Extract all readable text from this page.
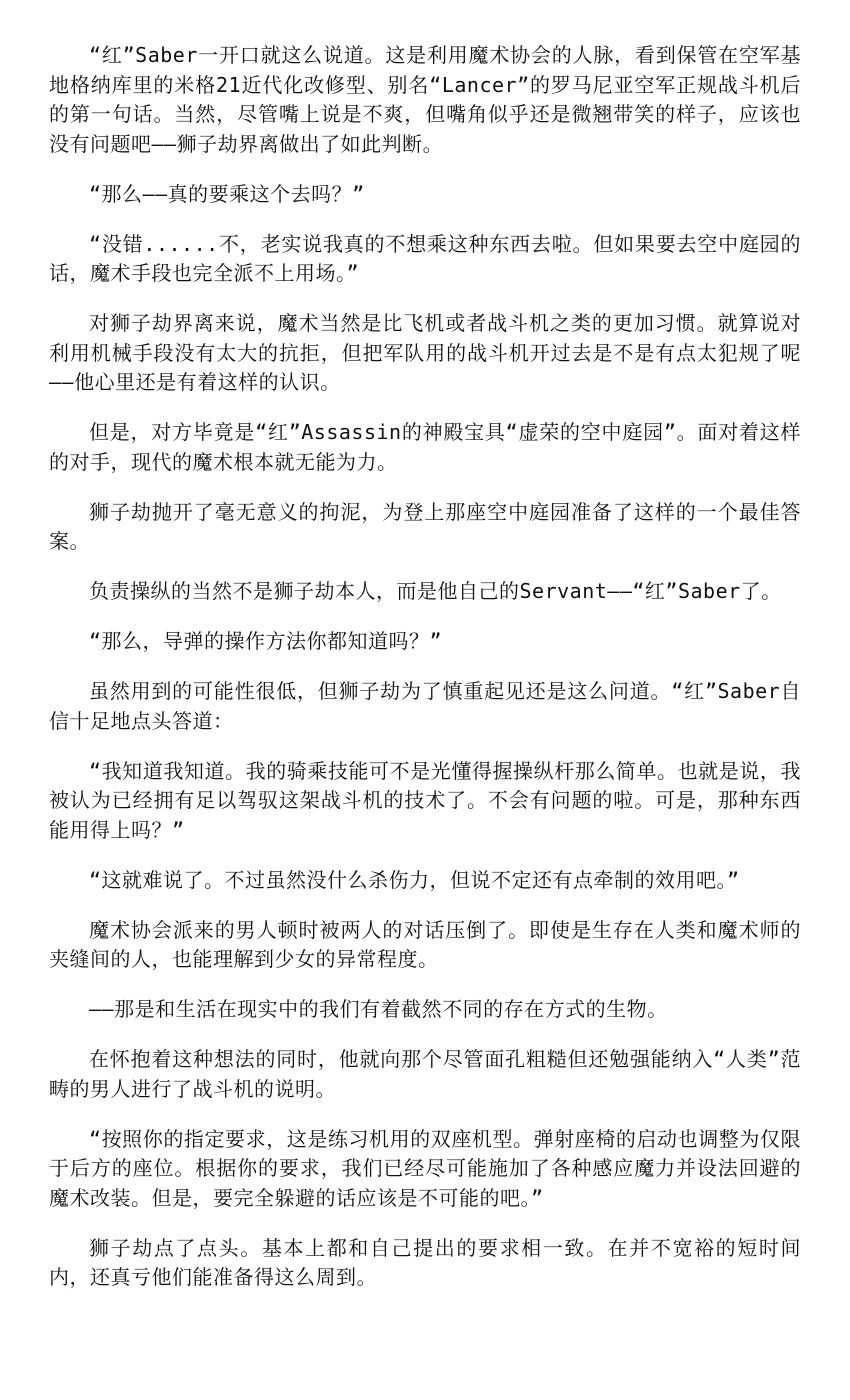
“红”Saber一开口就这么说道。这是利用魔术协会的人脉，看到保管在空军基地格纳库里的米格21近代化改修型、别名“Lancer”的罗马尼亚空军正规战斗机后的第一句话。当然，尽管嘴上说是不爽，但嘴角似乎还是微翘带笑的样子，应该也没有问题吧——狮子劫界离做出了如此判断。

“那么——真的要乘这个去吗？”

“没错......不，老实说我真的不想乘这种东西去啦。但如果要去空中庭园的话，魔术手段也完全派不上用场。”

对狮子劫界离来说，魔术当然是比飞机或者战斗机之类的更加习惯。就算说对利用机械手段没有太大的抗拒，但把军队用的战斗机开过去是不是有点太犯规了呢——他心里还是有着这样的认识。

但是，对方毕竟是“红”Assassin的神殿宝具“虚荣的空中庭园”。面对着这样的对手，现代的魔术根本就无能为力。

狮子劫抛开了毫无意义的拘泥，为登上那座空中庭园准备了这样的一个最佳答案。

负责操纵的当然不是狮子劫本人，而是他自己的Servant——“红”Saber了。

“那么，导弹的操作方法你都知道吗？”

虽然用到的可能性很低，但狮子劫为了慎重起见还是这么问道。“红”Saber自信十足地点头答道：

“我知道我知道。我的骑乘技能可不是光懂得握操纵杆那么简单。也就是说，我被认为已经拥有足以驾驭这架战斗机的技术了。不会有问题的啦。可是，那种东西能用得上吗？”

“这就难说了。不过虽然没什么杀伤力，但说不定还有点牵制的效用吧。”

魔术协会派来的男人顿时被两人的对话压倒了。即使是生存在人类和魔术师的夹缝间的人，也能理解到少女的异常程度。

——那是和生活在现实中的我们有着截然不同的存在方式的生物。

在怀抱着这种想法的同时，他就向那个尽管面孔粗糙但还勉强能纳入“人类”范畴的男人进行了战斗机的说明。

“按照你的指定要求，这是练习机用的双座机型。弹射座椅的启动也调整为仅限于后方的座位。根据你的要求，我们已经尽可能施加了各种感应魔力并设法回避的魔术改装。但是，要完全躲避的话应该是不可能的吧。”

狮子劫点了点头。基本上都和自己提出的要求相一致。在并不宽裕的短时间内，还真亏他们能准备得这么周到。
